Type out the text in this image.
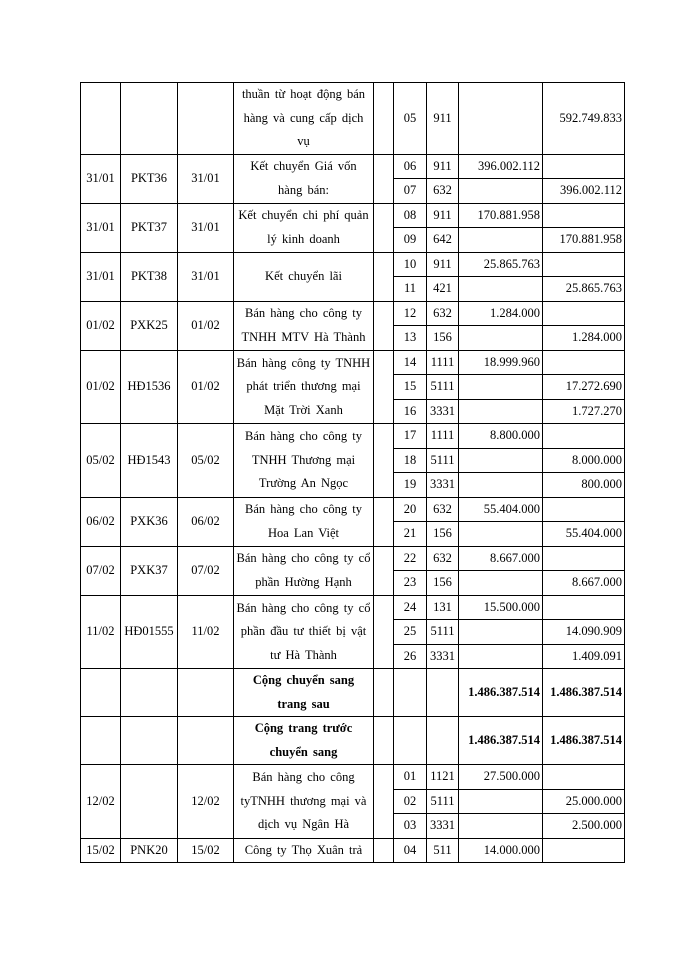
			thuần từ hoạt động bán hàng và cung cấp dịch vụ		05	911		592.749.833
31/01	PKT36	31/01	Kết chuyển Giá vốn hàng bán:		06	911	396.002.112	
					07	632		396.002.112
31/01	PKT37	31/01	Kết chuyển chi phí quản lý kinh doanh		08	911	170.881.958	
					09	642		170.881.958
31/01	PKT38	31/01	Kết chuyển lãi		10	911	25.865.763	
					11	421		25.865.763
01/02	PXK25	01/02	Bán hàng cho công ty TNHH MTV Hà Thành		12	632	1.284.000	
					13	156		1.284.000
01/02	HĐ1536	01/02	Bán hàng công ty TNHH phát triển thương mại Mặt Trời Xanh		14	1111	18.999.960	
					15	5111		17.272.690
					16	3331		1.727.270
05/02	HĐ1543	05/02	Bán hàng cho công ty TNHH Thương mại Trường An Ngọc		17	1111	8.800.000	
					18	5111		8.000.000
					19	3331		800.000
06/02	PXK36	06/02	Bán hàng cho công ty Hoa Lan Việt		20	632	55.404.000	
					21	156		55.404.000
07/02	PXK37	07/02	Bán hàng cho công ty cổ phần Hường Hạnh		22	632	8.667.000	
					23	156		8.667.000
11/02	HĐ01555	11/02	Bán hàng cho công ty cổ phần đầu tư thiết bị vật tư Hà Thành		24	131	15.500.000	
					25	5111		14.090.909
					26	3331		1.409.091
			Cộng chuyển sang trang sau				1.486.387.514	1.486.387.514
			Cộng trang trước chuyển sang				1.486.387.514	1.486.387.514
12/02		12/02	Bán hàng cho công tyTNHH thương mại và dịch vụ Ngân Hà		01	1121	27.500.000	
					02	5111		25.000.000
					03	3331		2.500.000
15/02	PNK20	15/02	Công ty Thọ Xuân trả		04	511	14.000.000	
